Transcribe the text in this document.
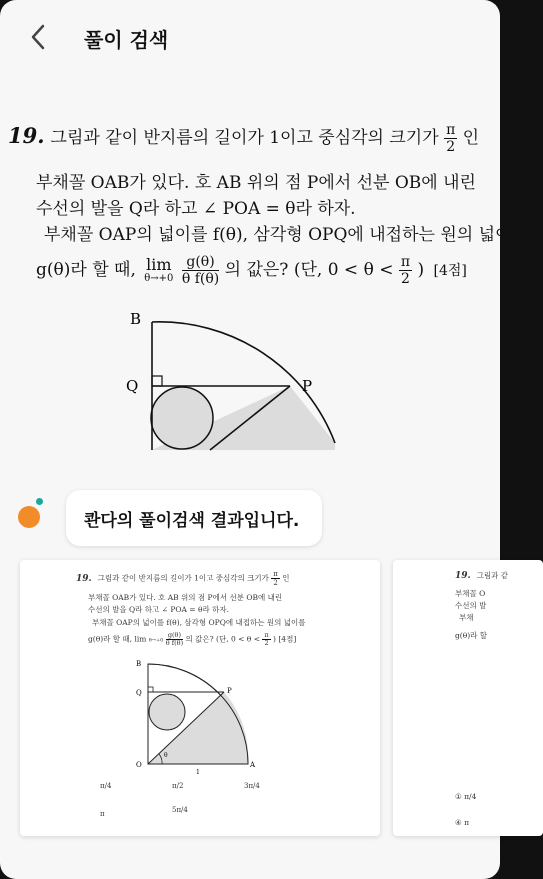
풀이 검색
19. 그림과 같이 반지름의 길이가 1이고 중심각의 크기가 $\frac{\pi}{2}$ 인
부채꼴 OAB가 있다. 호 AB 위의 점 P에서 선분 OB에 내린
수선의 발을 Q라 하고 ∠ POA = θ라 하자.
부채꼴 OAP의 넓이를 f(θ), 삼각형 OPQ에 내접하는 원의 넓이를
g(θ)라 할 때, lim
θ→+0
$\frac{g(\theta)}{\text{θ f(θ)}}$ 의 값은? (단, $0 < \theta < \frac{\pi}{2}$ ) [4점]
B
Q	P
콴다의 풀이검색 결과입니다.
19. 그림과 같이 반지름의 길이가 1이고 중심각의 크기가 $\frac{\pi}{2}$ 인
부채꼴 OAB가 있다. 호 AB 위의 점 P에서 선분 OB에 내린
수선의 발을 Q라 하고 ∠ POA = θ라 하자.
부채꼴 OAP의 넓이를 f(θ), 삼각형 OPQ에 내접하는 원의 넓이를
g(θ)라 할 때, $\lim \theta\to+0 \frac{g(\theta)}{\text{θ f(θ)}}$ 의 값은? (단, $0 < \theta < \frac{\pi}{2}$ ) [4점]
B
Q	P
O	A
θ
1
π/4	π/2	3π/4
π	5π/4
19. 그림과 같
부채꼴 O
수선의 발
부채
g(θ)라 할
① π/4
④ π
